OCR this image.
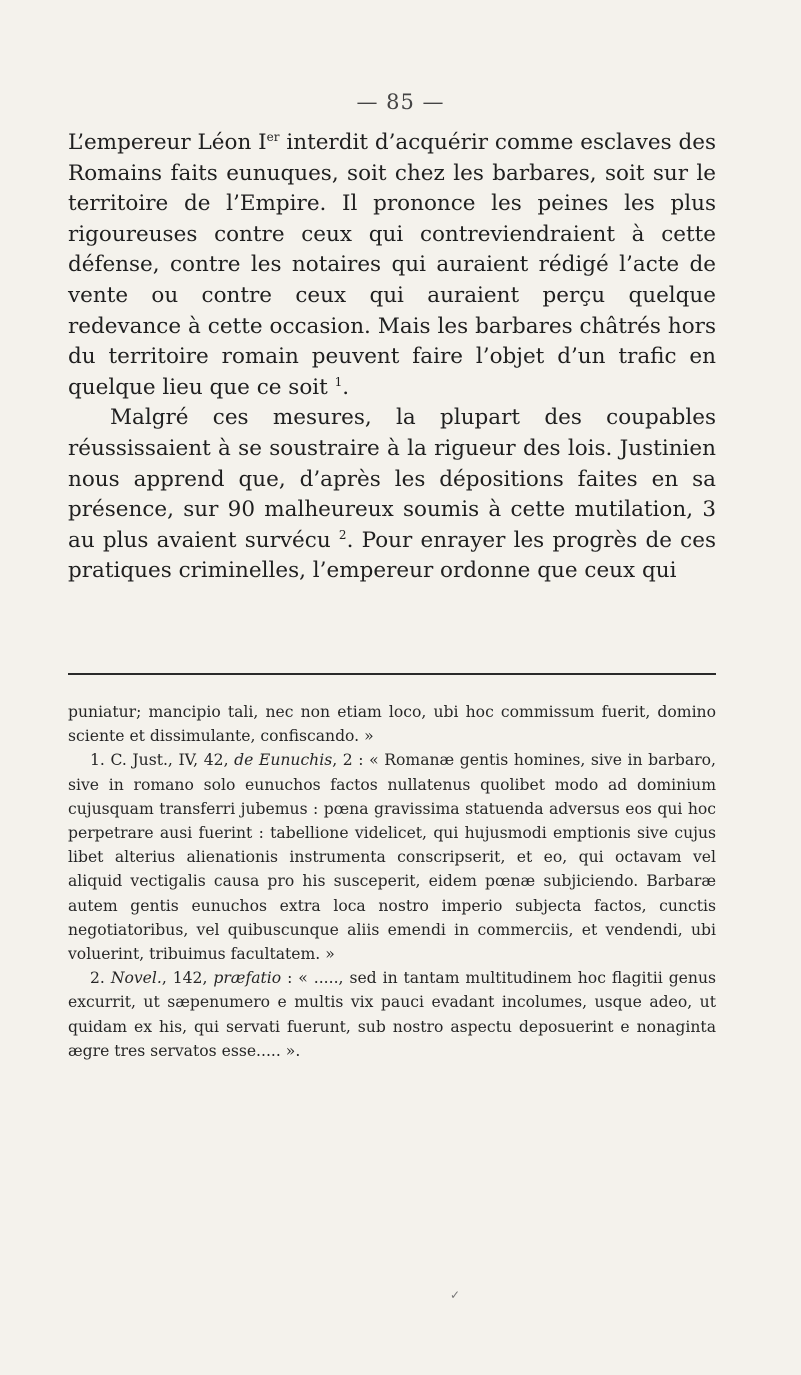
— 85 —

L’empereur Léon Ier interdit d’acquérir comme esclaves des Romains faits eunuques, soit chez les barbares, soit sur le territoire de l’Empire. Il prononce les peines les plus rigoureuses contre ceux qui contreviendraient à cette défense, contre les notaires qui auraient rédigé l’acte de vente ou contre ceux qui auraient perçu quelque redevance à cette occasion. Mais les barbares châtrés hors du territoire romain peuvent faire l’objet d’un trafic en quelque lieu que ce soit $^1$.

Malgré ces mesures, la plupart des coupables réussissaient à se soustraire à la rigueur des lois. Justinien nous apprend que, d’après les dépositions faites en sa présence, sur 90 malheureux soumis à cette mutilation, 3 au plus avaient survécu $^2$. Pour enrayer les progrès de ces pratiques criminelles, l’empereur ordonne que ceux qui

puniatur; mancipio tali, nec non etiam loco, ubi hoc commissum fuerit, domino sciente et dissimulante, confiscando. »

1. C. Just., IV, 42, de Eunuchis, 2 : « Romanæ gentis homines, sive in barbaro, sive in romano solo eunuchos factos nullatenus quolibet modo ad dominium cujusquam transferri jubemus : pœna gravissima statuenda adversus eos qui hoc perpetrare ausi fuerint : tabellione videlicet, qui hujusmodi emptionis sive cujus libet alterius alienationis instrumenta conscripserit, et eo, qui octavam vel aliquid vectigalis causa pro his susceperit, eidem pœnæ subjiciendo. Barbaræ autem gentis eunuchos extra loca nostro imperio subjecta factos, cunctis negotiatoribus, vel quibuscunque aliis emendi in commerciis, et vendendi, ubi voluerint, tribuimus facultatem. »

2. Novel., 142, præfatio : « ....., sed in tantam multitudinem hoc flagitii genus excurrit, ut sæpenumero e multis vix pauci evadant incolumes, usque adeo, ut quidam ex his, qui servati fuerunt, sub nostro aspectu deposuerint e nonaginta ægre tres servatos esse..... ».

✓
